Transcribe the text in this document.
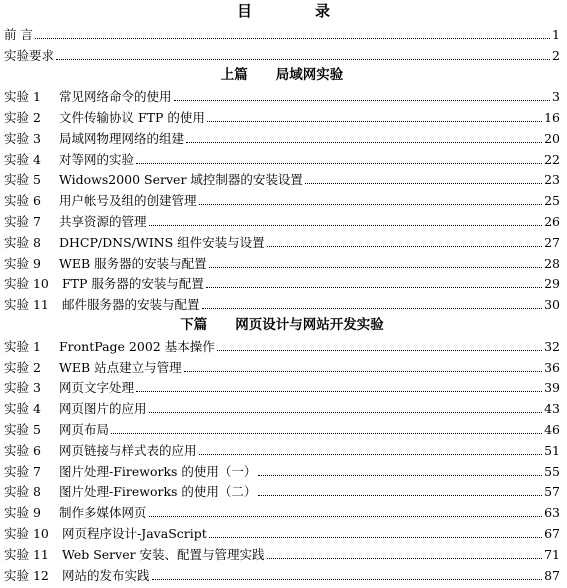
目　录
前 言	1
实验要求	2
上篇 局域网实验
实验 1	常见网络命令的使用	3
实验 2	文件传输协议 FTP 的使用	16
实验 3	局域网物理网络的组建	20
实验 4	对等网的实验	22
实验 5	Widows2000 Server 域控制器的安装设置	23
实验 6	用户帐号及组的创建管理	25
实验 7	共享资源的管理	26
实验 8	DHCP/DNS/WINS 组件安装与设置	27
实验 9	WEB 服务器的安装与配置	28
实验 10	FTP 服务器的安装与配置	29
实验 11	邮件服务器的安装与配置	30
下篇 网页设计与网站开发实验
实验 1	FrontPage 2002 基本操作	32
实验 2	WEB 站点建立与管理	36
实验 3	网页文字处理	39
实验 4	网页图片的应用	43
实验 5	网页布局	46
实验 6	网页链接与样式表的应用	51
实验 7	图片处理-Fireworks 的使用（一）	55
实验 8	图片处理-Fireworks 的使用（二）	57
实验 9	制作多媒体网页	63
实验 10	网页程序设计-JavaScript	67
实验 11	Web Server 安装、配置与管理实践	71
实验 12	网站的发布实践	87
